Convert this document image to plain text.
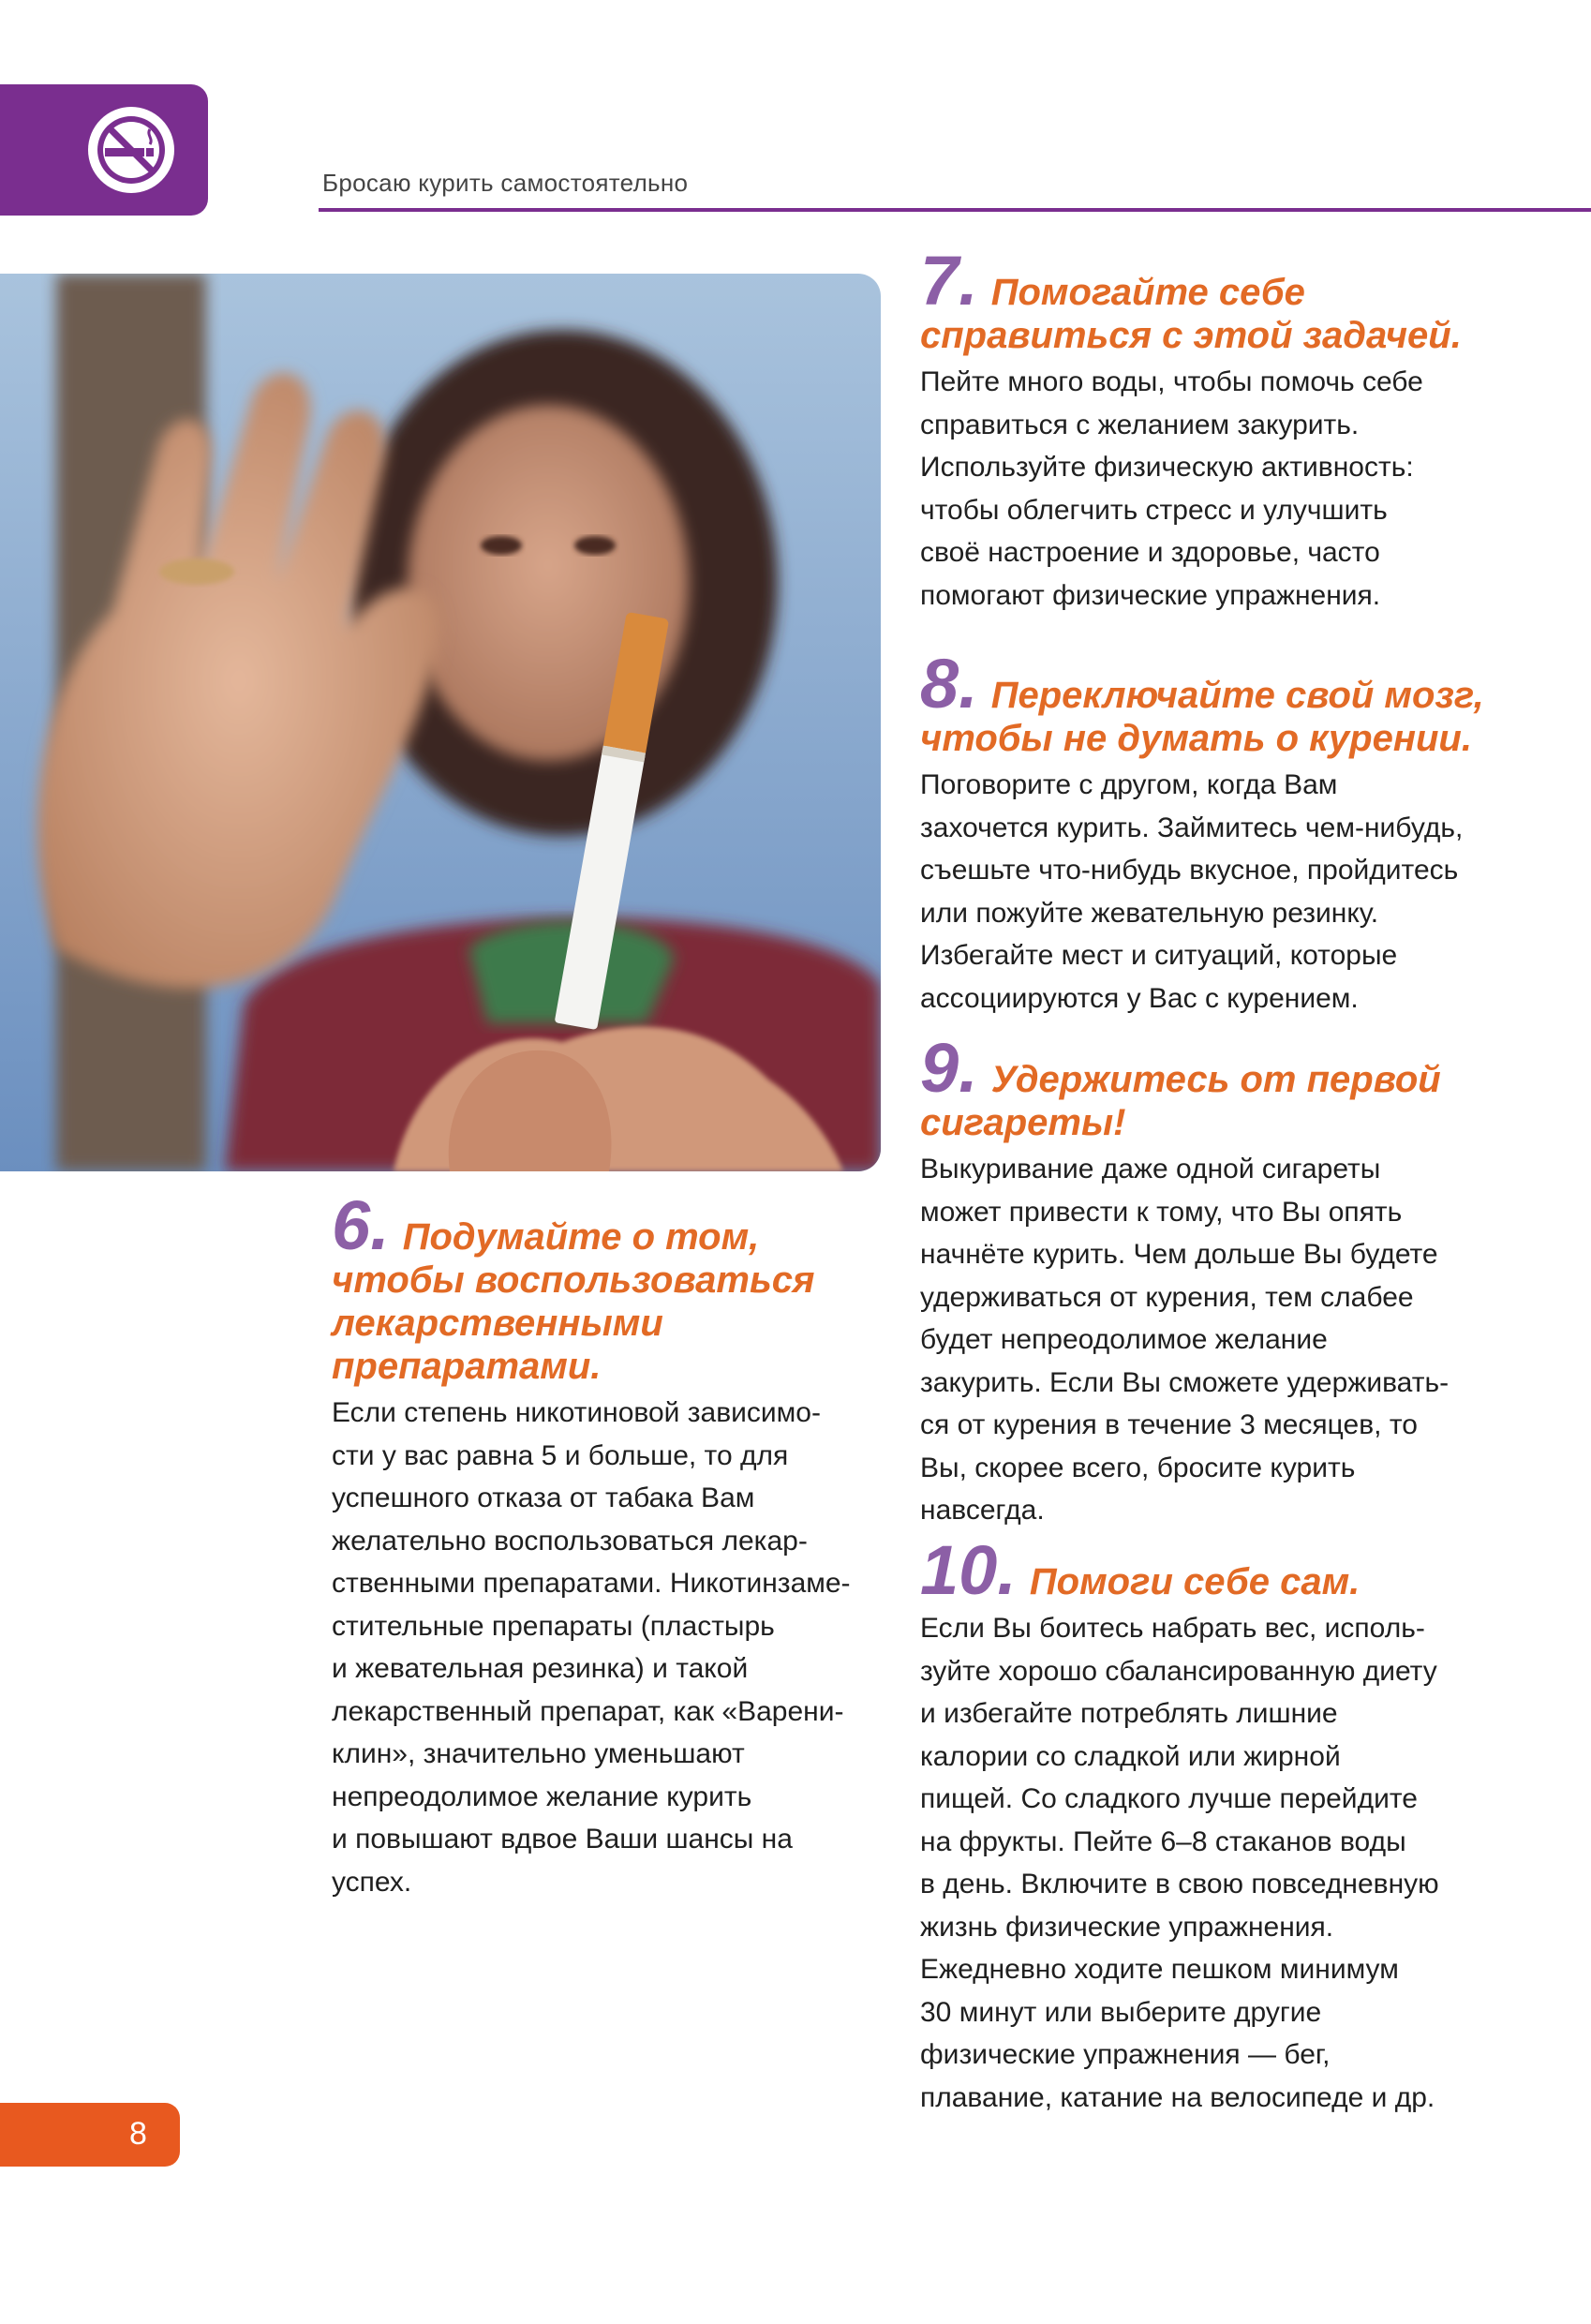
Бросаю курить самостоятельно
6. Подумайте о том,
чтобы воспользоваться
лекарственными
препаратами.

Если степень никотиновой зависимо-
сти у вас равна 5 и больше, то для
успешного отказа от табака Вам
желательно воспользоваться лекар-
ственными препаратами. Никотинзаме-
стительные препараты (пластырь
и жевательная резинка) и такой
лекарственный препарат, как «Варени-
клин», значительно уменьшают
непреодолимое желание курить
и повышают вдвое Ваши шансы на
успех.

7. Помогайте себе
справиться с этой задачей.

Пейте много воды, чтобы помочь себе
справиться с желанием закурить.
Используйте физическую активность:
чтобы облегчить стресс и улучшить
своё настроение и здоровье, часто
помогают физические упражнения.

8. Переключайте свой мозг,
чтобы не думать о курении.

Поговорите с другом, когда Вам
захочется курить. Займитесь чем-нибудь,
съешьте что-нибудь вкусное, пройдитесь
или пожуйте жевательную резинку.
Избегайте мест и ситуаций, которые
ассоциируются у Вас с курением.

9. Удержитесь от первой
сигареты!

Выкуривание даже одной сигареты
может привести к тому, что Вы опять
начнёте курить. Чем дольше Вы будете
удерживаться от курения, тем слабее
будет непреодолимое желание
закурить. Если Вы сможете удерживать-
ся от курения в течение 3 месяцев, то
Вы, скорее всего, бросите курить
навсегда.

10. Помоги себе сам.

Если Вы боитесь набрать вес, исполь-
зуйте хорошо сбалансированную диету
и избегайте потреблять лишние
калории со сладкой или жирной
пищей. Со сладкого лучше перейдите
на фрукты. Пейте 6–8 стаканов воды
в день. Включите в свою повседневную
жизнь физические упражнения.
Ежедневно ходите пешком минимум
30 минут или выберите другие
физические упражнения — бег,
плавание, катание на велосипеде и др.

8
